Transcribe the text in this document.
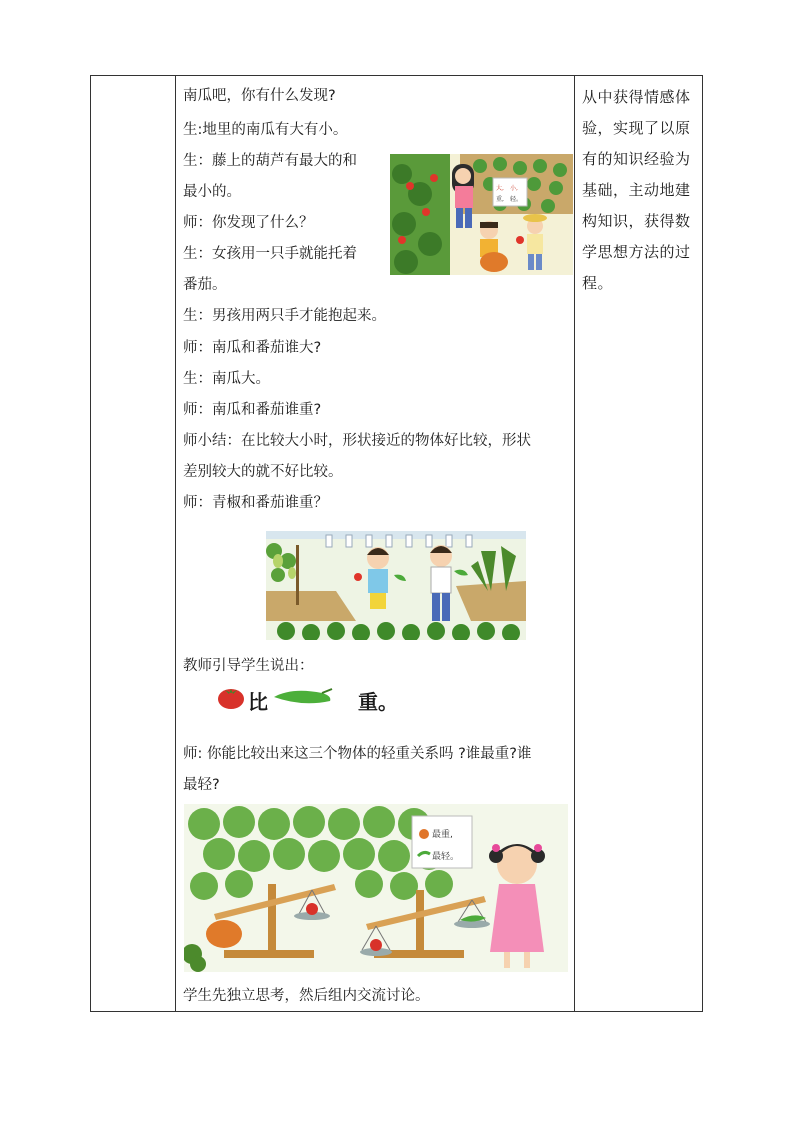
南瓜吧，你有什么发现?
生:地里的南瓜有大有小。
生：藤上的葫芦有最大的和
最小的。
师：你发现了什么？
生：女孩用一只手就能托着
番茄。
生：男孩用两只手才能抱起来。
师：南瓜和番茄谁大?
生：南瓜大。
师：南瓜和番茄谁重?
师小结：在比较大小时，形状接近的物体好比较，形状
差别较大的就不好比较。
师：青椒和番茄谁重？
大, 小,
重, 轻。
教师引导学生说出：
比	重。
师: 你能比较出来这三个物体的轻重关系吗 ?谁最重?谁
最轻?
最重,
最轻。
学生先独立思考，然后组内交流讨论。
从中获得情感体验，实现了以原有的知识经验为基础，主动地建构知识，获得数学思想方法的过程。
